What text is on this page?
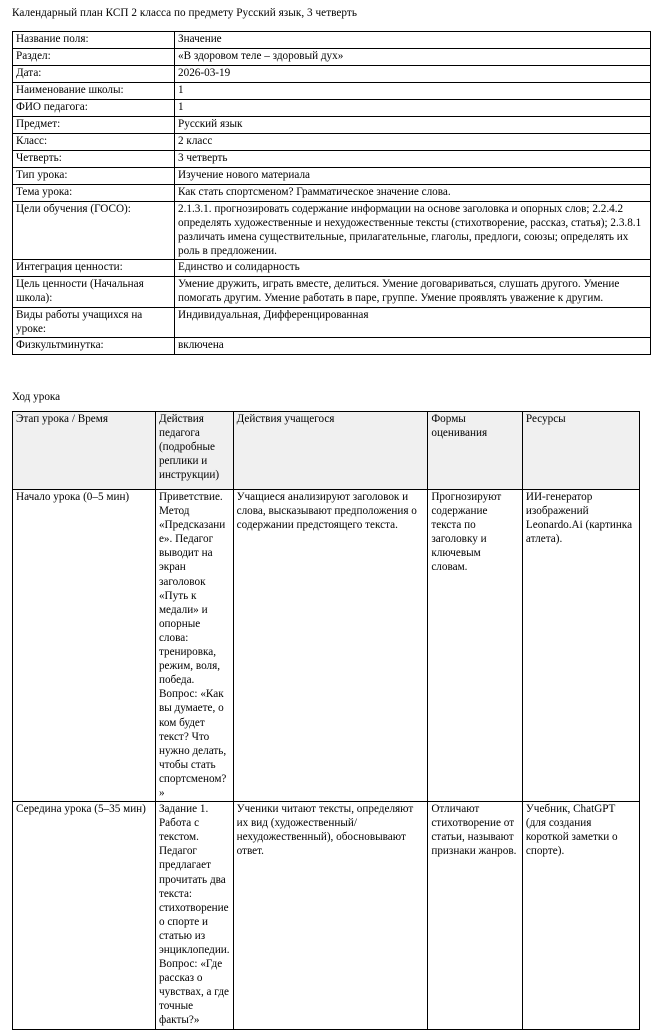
Календарный план КСП 2 класса по предмету Русский язык, 3 четверть
Название поля:	Значение
Раздел:	«В здоровом теле – здоровый дух»
Дата:	2026-03-19
Наименование школы:	1
ФИО педагога:	1
Предмет:	Русский язык
Класс:	2 класс
Четверть:	3 четверть
Тип урока:	Изучение нового материала
Тема урока:	Как стать спортсменом? Грамматическое значение слова.
Цели обучения (ГОСО):	2.1.3.1. прогнозировать содержание информации на основе заголовка и опорных слов; 2.2.4.2 определять художественные и нехудожественные тексты (стихотворение, рассказ, статья); 2.3.8.1 различать имена существительные, прилагательные, глаголы, предлоги, союзы; определять их роль в предложении.
Интеграция ценности:	Единство и солидарность
Цель ценности (Начальная школа):	Умение дружить, играть вместе, делиться. Умение договариваться, слушать другого. Умение помогать другим. Умение работать в паре, группе. Умение проявлять уважение к другим.
Виды работы учащихся на уроке:	Индивидуальная, Дифференцированная
Физкультминутка:	включена
Ход урока
Этап урока / Время	Действия педагога (подробные реплики и инструкции)	Действия учащегося	Формы оценивания	Ресурсы
Начало урока (0–5 мин)	Приветствие. Метод «Предсказание». Педагог выводит на экран заголовок «Путь к медали» и опорные слова: тренировка, режим, воля, победа. Вопрос: «Как вы думаете, о ком будет текст? Что нужно делать, чтобы стать спортсменом?»	Учащиеся анализируют заголовок и слова, высказывают предположения о содержании предстоящего текста.	Прогнозируют содержание текста по заголовку и ключевым словам.	ИИ-генератор изображений Leonardo.Ai (картинка атлета).
Середина урока (5–35 мин)	Задание 1. Работа с текстом. Педагог предлагает прочитать два текста: стихотворение о спорте и статью из энциклопедии. Вопрос: «Где рассказ о чувствах, а где точные факты?»	Ученики читают тексты, определяют их вид (художественный/нехудожественный), обосновывают ответ.	Отличают стихотворение от статьи, называют признаки жанров.	Учебник, ChatGPT (для создания короткой заметки о спорте).
